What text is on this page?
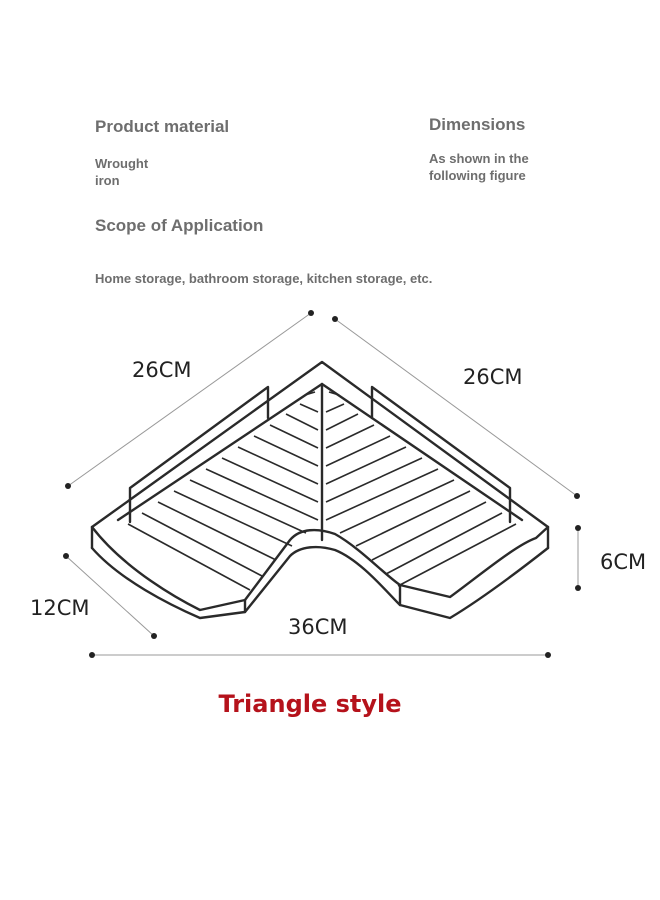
Product material
Wrought
iron
Dimensions
As shown in the
following figure
Scope of Application
Home storage, bathroom storage, kitchen storage, etc.
26CM	26CM
6CM
12CM
36CM
Triangle style
